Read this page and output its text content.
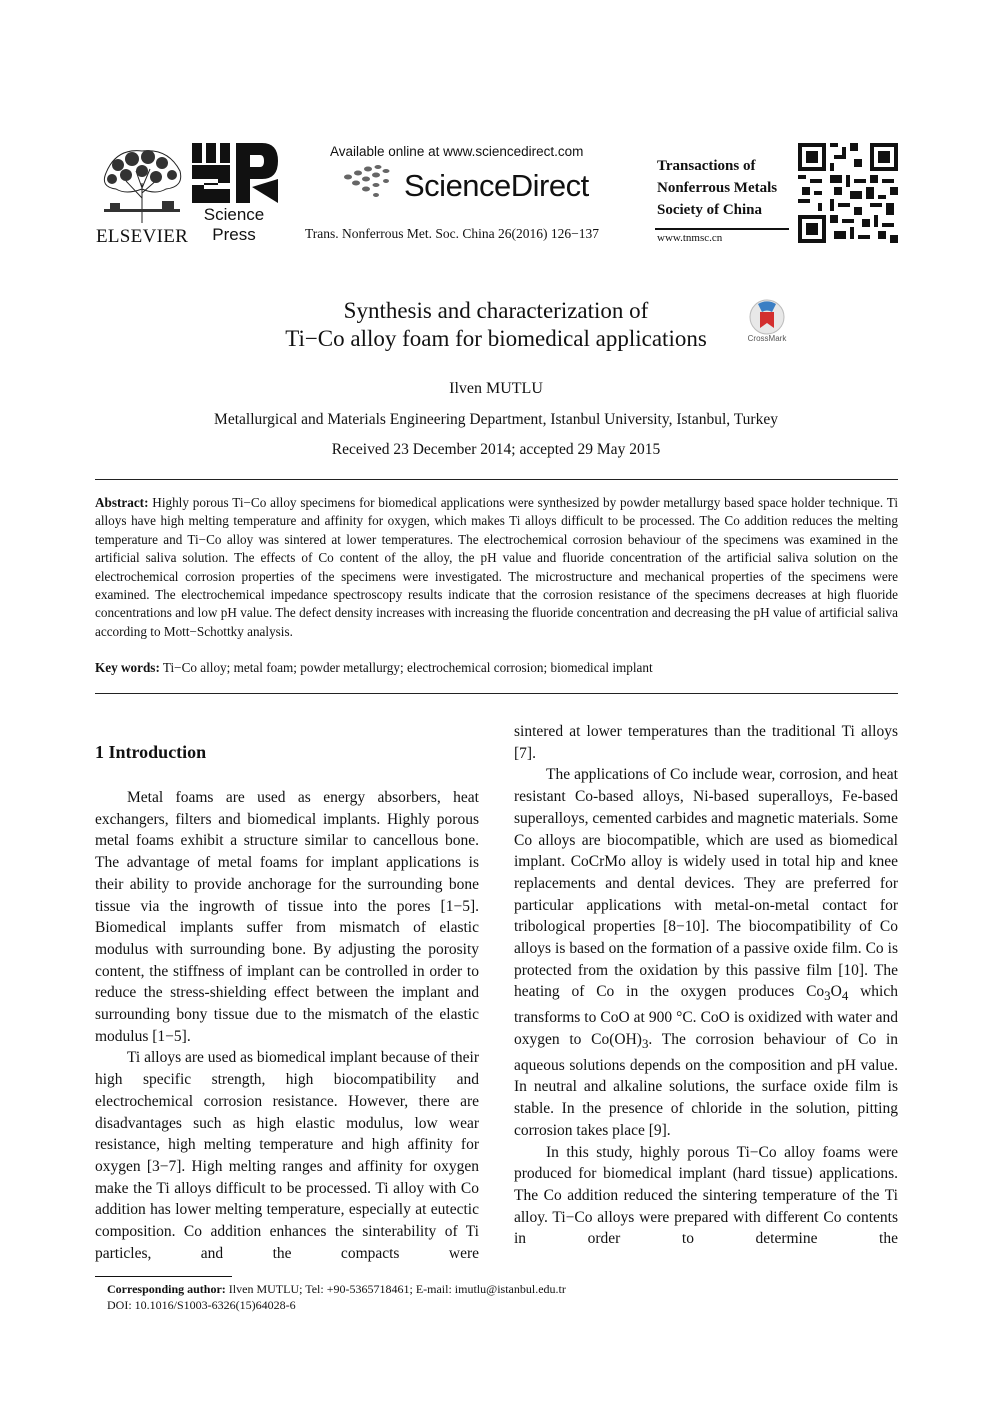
ELSEVIER
Science
Press
Available online at www.sciencedirect.com
ScienceDirect
Trans. Nonferrous Met. Soc. China 26(2016) 126−137
Transactions of
Nonferrous Metals
Society of China
www.tnmsc.cn
Synthesis and characterization of
Ti−Co alloy foam for biomedical applications	CrossMark
Ilven MUTLU
Metallurgical and Materials Engineering Department, Istanbul University, Istanbul, Turkey
Received 23 December 2014; accepted 29 May 2015
Abstract: Highly porous Ti−Co alloy specimens for biomedical applications were synthesized by powder metallurgy based space holder technique. Ti alloys have high melting temperature and affinity for oxygen, which makes Ti alloys difficult to be processed. The Co addition reduces the melting temperature and Ti−Co alloy was sintered at lower temperatures. The electrochemical corrosion behaviour of the specimens was examined in the artificial saliva solution. The effects of Co content of the alloy, the pH value and fluoride concentration of the artificial saliva solution on the electrochemical corrosion properties of the specimens were investigated. The microstructure and mechanical properties of the specimens were examined. The electrochemical impedance spectroscopy results indicate that the corrosion resistance of the specimens decreases at high fluoride concentrations and low pH value. The defect density increases with increasing the fluoride concentration and decreasing the pH value of artificial saliva according to Mott−Schottky analysis.
Key words: Ti−Co alloy; metal foam; powder metallurgy; electrochemical corrosion; biomedical implant
1 Introduction

Metal foams are used as energy absorbers, heat exchangers, filters and biomedical implants. Highly porous metal foams exhibit a structure similar to cancellous bone. The advantage of metal foams for implant applications is their ability to provide anchorage for the surrounding bone tissue via the ingrowth of tissue into the pores [1−5]. Biomedical implants suffer from mismatch of elastic modulus with surrounding bone. By adjusting the porosity content, the stiffness of implant can be controlled in order to reduce the stress-shielding effect between the implant and surrounding bony tissue due to the mismatch of the elastic modulus [1−5].

Ti alloys are used as biomedical implant because of their high specific strength, high biocompatibility and electrochemical corrosion resistance. However, there are disadvantages such as high elastic modulus, low wear resistance, high melting temperature and high affinity for oxygen [3−7]. High melting ranges and affinity for oxygen make the Ti alloys difficult to be processed. Ti alloy with Co addition has lower melting temperature, especially at eutectic composition. Co addition enhances the sinterability of Ti particles, and the compacts were

sintered at lower temperatures than the traditional Ti alloys [7].

The applications of Co include wear, corrosion, and heat resistant Co-based alloys, Ni-based superalloys, Fe-based superalloys, cemented carbides and magnetic materials. Some Co alloys are biocompatible, which are used as biomedical implant. CoCrMo alloy is widely used in total hip and knee replacements and dental devices. They are preferred for particular applications with metal-on-metal contact for tribological properties [8−10]. The biocompatibility of Co alloys is based on the formation of a passive oxide film. Co is protected from the oxidation by this passive film [10]. The heating of Co in the oxygen produces $Co_3O_4$ which transforms to CoO at 900 °C. CoO is oxidized with water and oxygen to $Co(OH)_3$. The corrosion behaviour of Co in aqueous solutions depends on the composition and pH value. In neutral and alkaline solutions, the surface oxide film is stable. In the presence of chloride in the solution, pitting corrosion takes place [9].

In this study, highly porous Ti−Co alloy foams were produced for biomedical implant (hard tissue) applications. The Co addition reduced the sintering temperature of the Ti alloy. Ti−Co alloys were prepared with different Co contents in order to determine the

Corresponding author: Ilven MUTLU; Tel: +90-5365718461; E-mail: imutlu@istanbul.edu.tr
DOI: 10.1016/S1003-6326(15)64028-6
